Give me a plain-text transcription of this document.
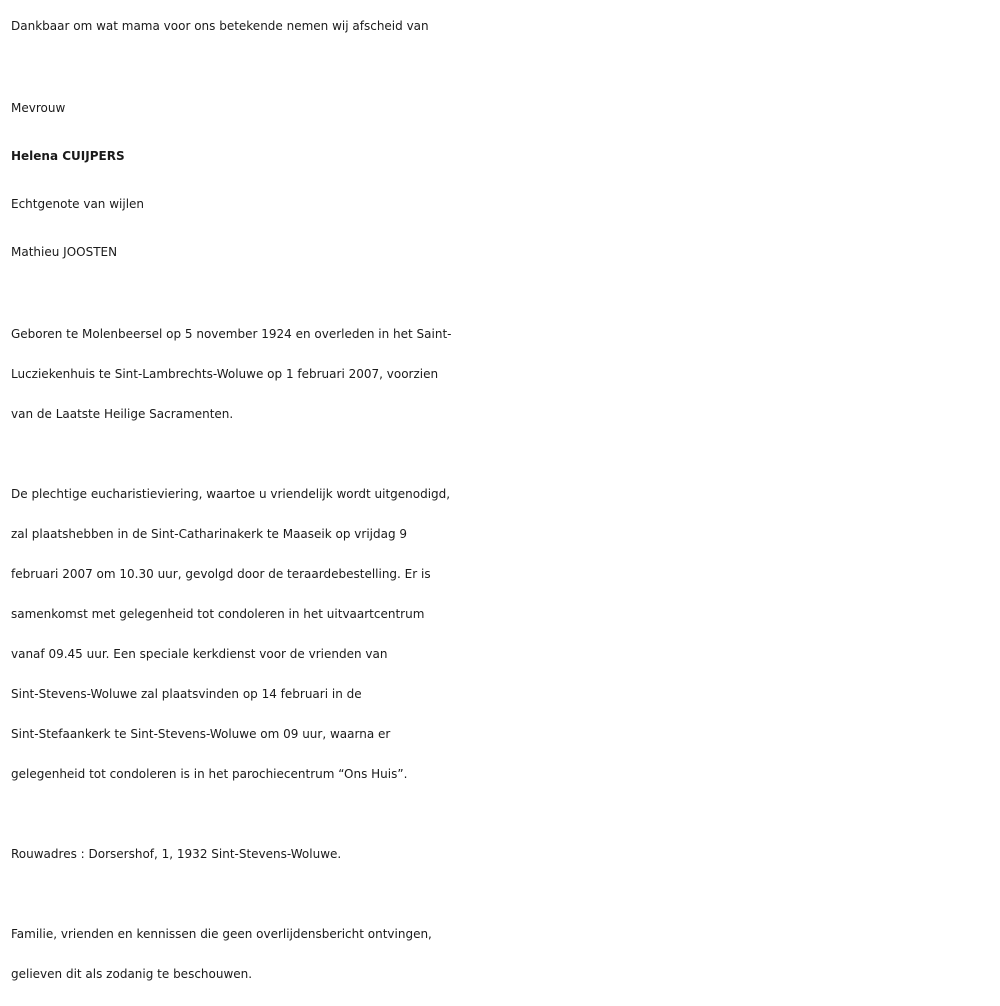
Dankbaar om wat mama voor ons betekende nemen wij afscheid van

Mevrouw
Helena CUIJPERS
Echtgenote van wijlen
Mathieu JOOSTEN

Geboren te Molenbeersel op 5 november 1924 en overleden in het Saint-
Lucziekenhuis te Sint-Lambrechts-Woluwe op 1 februari 2007, voorzien
van de Laatste Heilige Sacramenten.

De plechtige eucharistieviering, waartoe u vriendelijk wordt uitgenodigd,
zal plaatshebben in de Sint-Catharinakerk te Maaseik op vrijdag 9
februari 2007 om 10.30 uur, gevolgd door de teraardebestelling. Er is
samenkomst met gelegenheid tot condoleren in het uitvaartcentrum
vanaf 09.45 uur. Een speciale kerkdienst voor de vrienden van
Sint-Stevens-Woluwe zal plaatsvinden op 14 februari in de
Sint-Stefaankerk te Sint-Stevens-Woluwe om 09 uur, waarna er
gelegenheid tot condoleren is in het parochiecentrum “Ons Huis”.

Rouwadres : Dorsershof, 1, 1932 Sint-Stevens-Woluwe.

Familie, vrienden en kennissen die geen overlijdensbericht ontvingen,
gelieven dit als zodanig te beschouwen.
